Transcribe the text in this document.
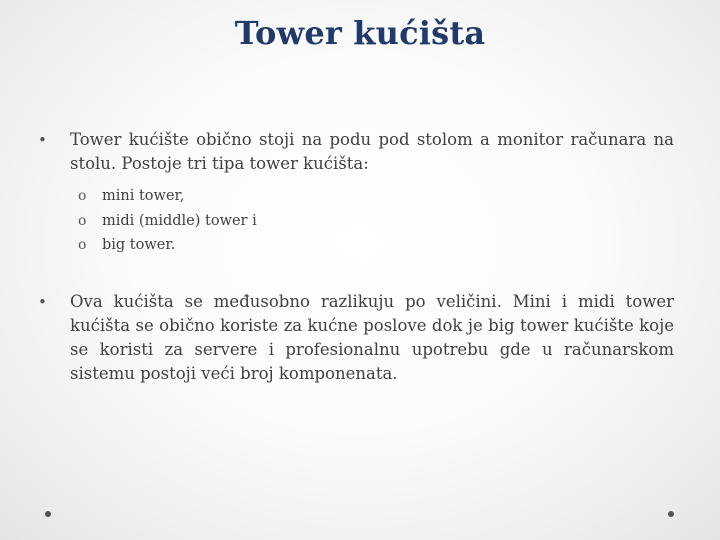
Tower kućišta
• Tower kućište obično stoji na podu pod stolom a monitor računara na stolu. Postoje tri tipa tower kućišta:
o mini tower,
o midi (middle) tower i
o big tower.
• Ova kućišta se međusobno razlikuju po veličini. Mini i midi tower kućišta se obično koriste za kućne poslove dok je big tower kućište koje se koristi za servere i profesionalnu upotrebu gde u računarskom sistemu postoji veći broj komponenata.
